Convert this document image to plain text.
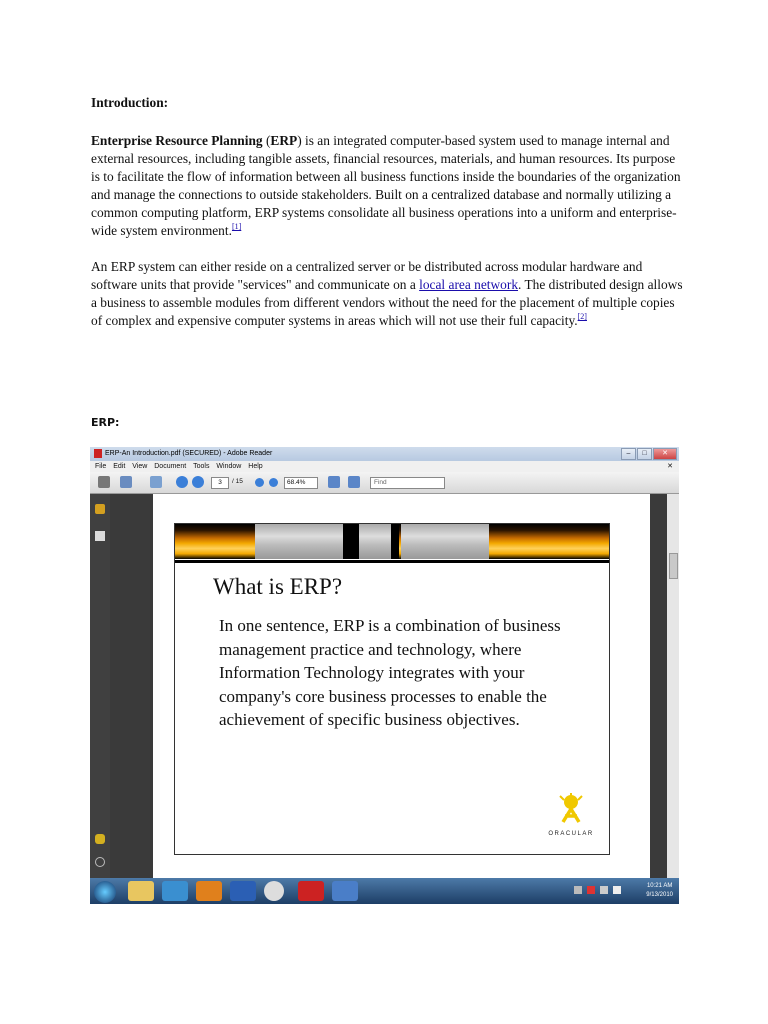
Introduction:

Enterprise Resource Planning (ERP) is an integrated computer-based system used to manage internal and external resources, including tangible assets, financial resources, materials, and human resources. Its purpose is to facilitate the flow of information between all business functions inside the boundaries of the organization and manage the connections to outside stakeholders. Built on a centralized database and normally utilizing a common computing platform, ERP systems consolidate all business operations into a uniform and enterprise-wide system environment.[1]

An ERP system can either reside on a centralized server or be distributed across modular hardware and software units that provide "services" and communicate on a local area network. The distributed design allows a business to assemble modules from different vendors without the need for the placement of multiple copies of complex and expensive computer systems in areas which will not use their full capacity.[2]

ERP:
ERP-An Introduction.pdf (SECURED) - Adobe Reader	–	□	✕
File Edit View Document Tools Window Help	✕
3	/ 15	68.4%	Find
What is ERP?
In one sentence, ERP is a combination of business management practice and technology, where Information Technology integrates with your company's core business processes to enable the achievement of specific business objectives.
ORACULAR
10:21 AM
9/13/2010
